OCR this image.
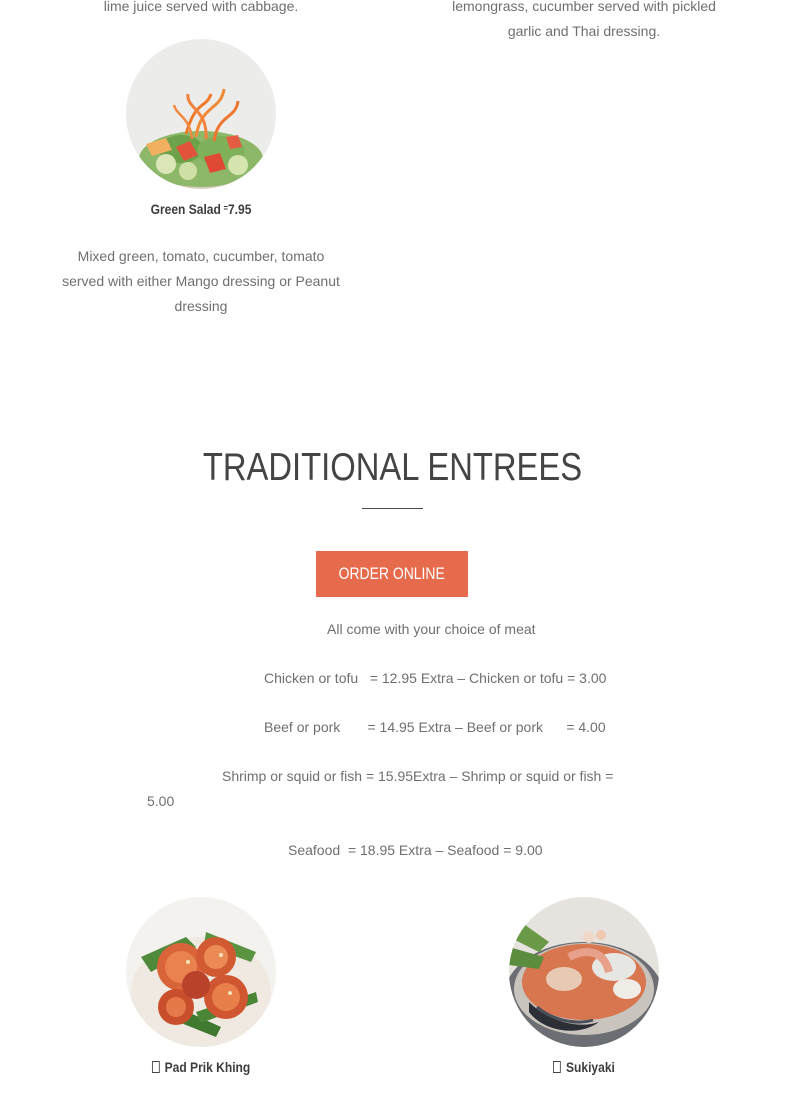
lime juice served with cabbage.	lemongrass, cucumber served with pickled
garlic and Thai dressing.
Green Salad =7.95
Mixed green, tomato, cucumber, tomato
served with either Mango dressing or Peanut
dressing
TRADITIONAL ENTREES
ORDER ONLINE
All come with your choice of meat
Chicken or tofu   = 12.95 Extra – Chicken or tofu = 3.00
Beef or pork       = 14.95 Extra – Beef or pork      = 4.00
Shrimp or squid or fish = 15.95Extra – Shrimp or squid or fish =
5.00
Seafood  = 18.95 Extra – Seafood = 9.00
Pad Prik Khing	Sukiyaki
